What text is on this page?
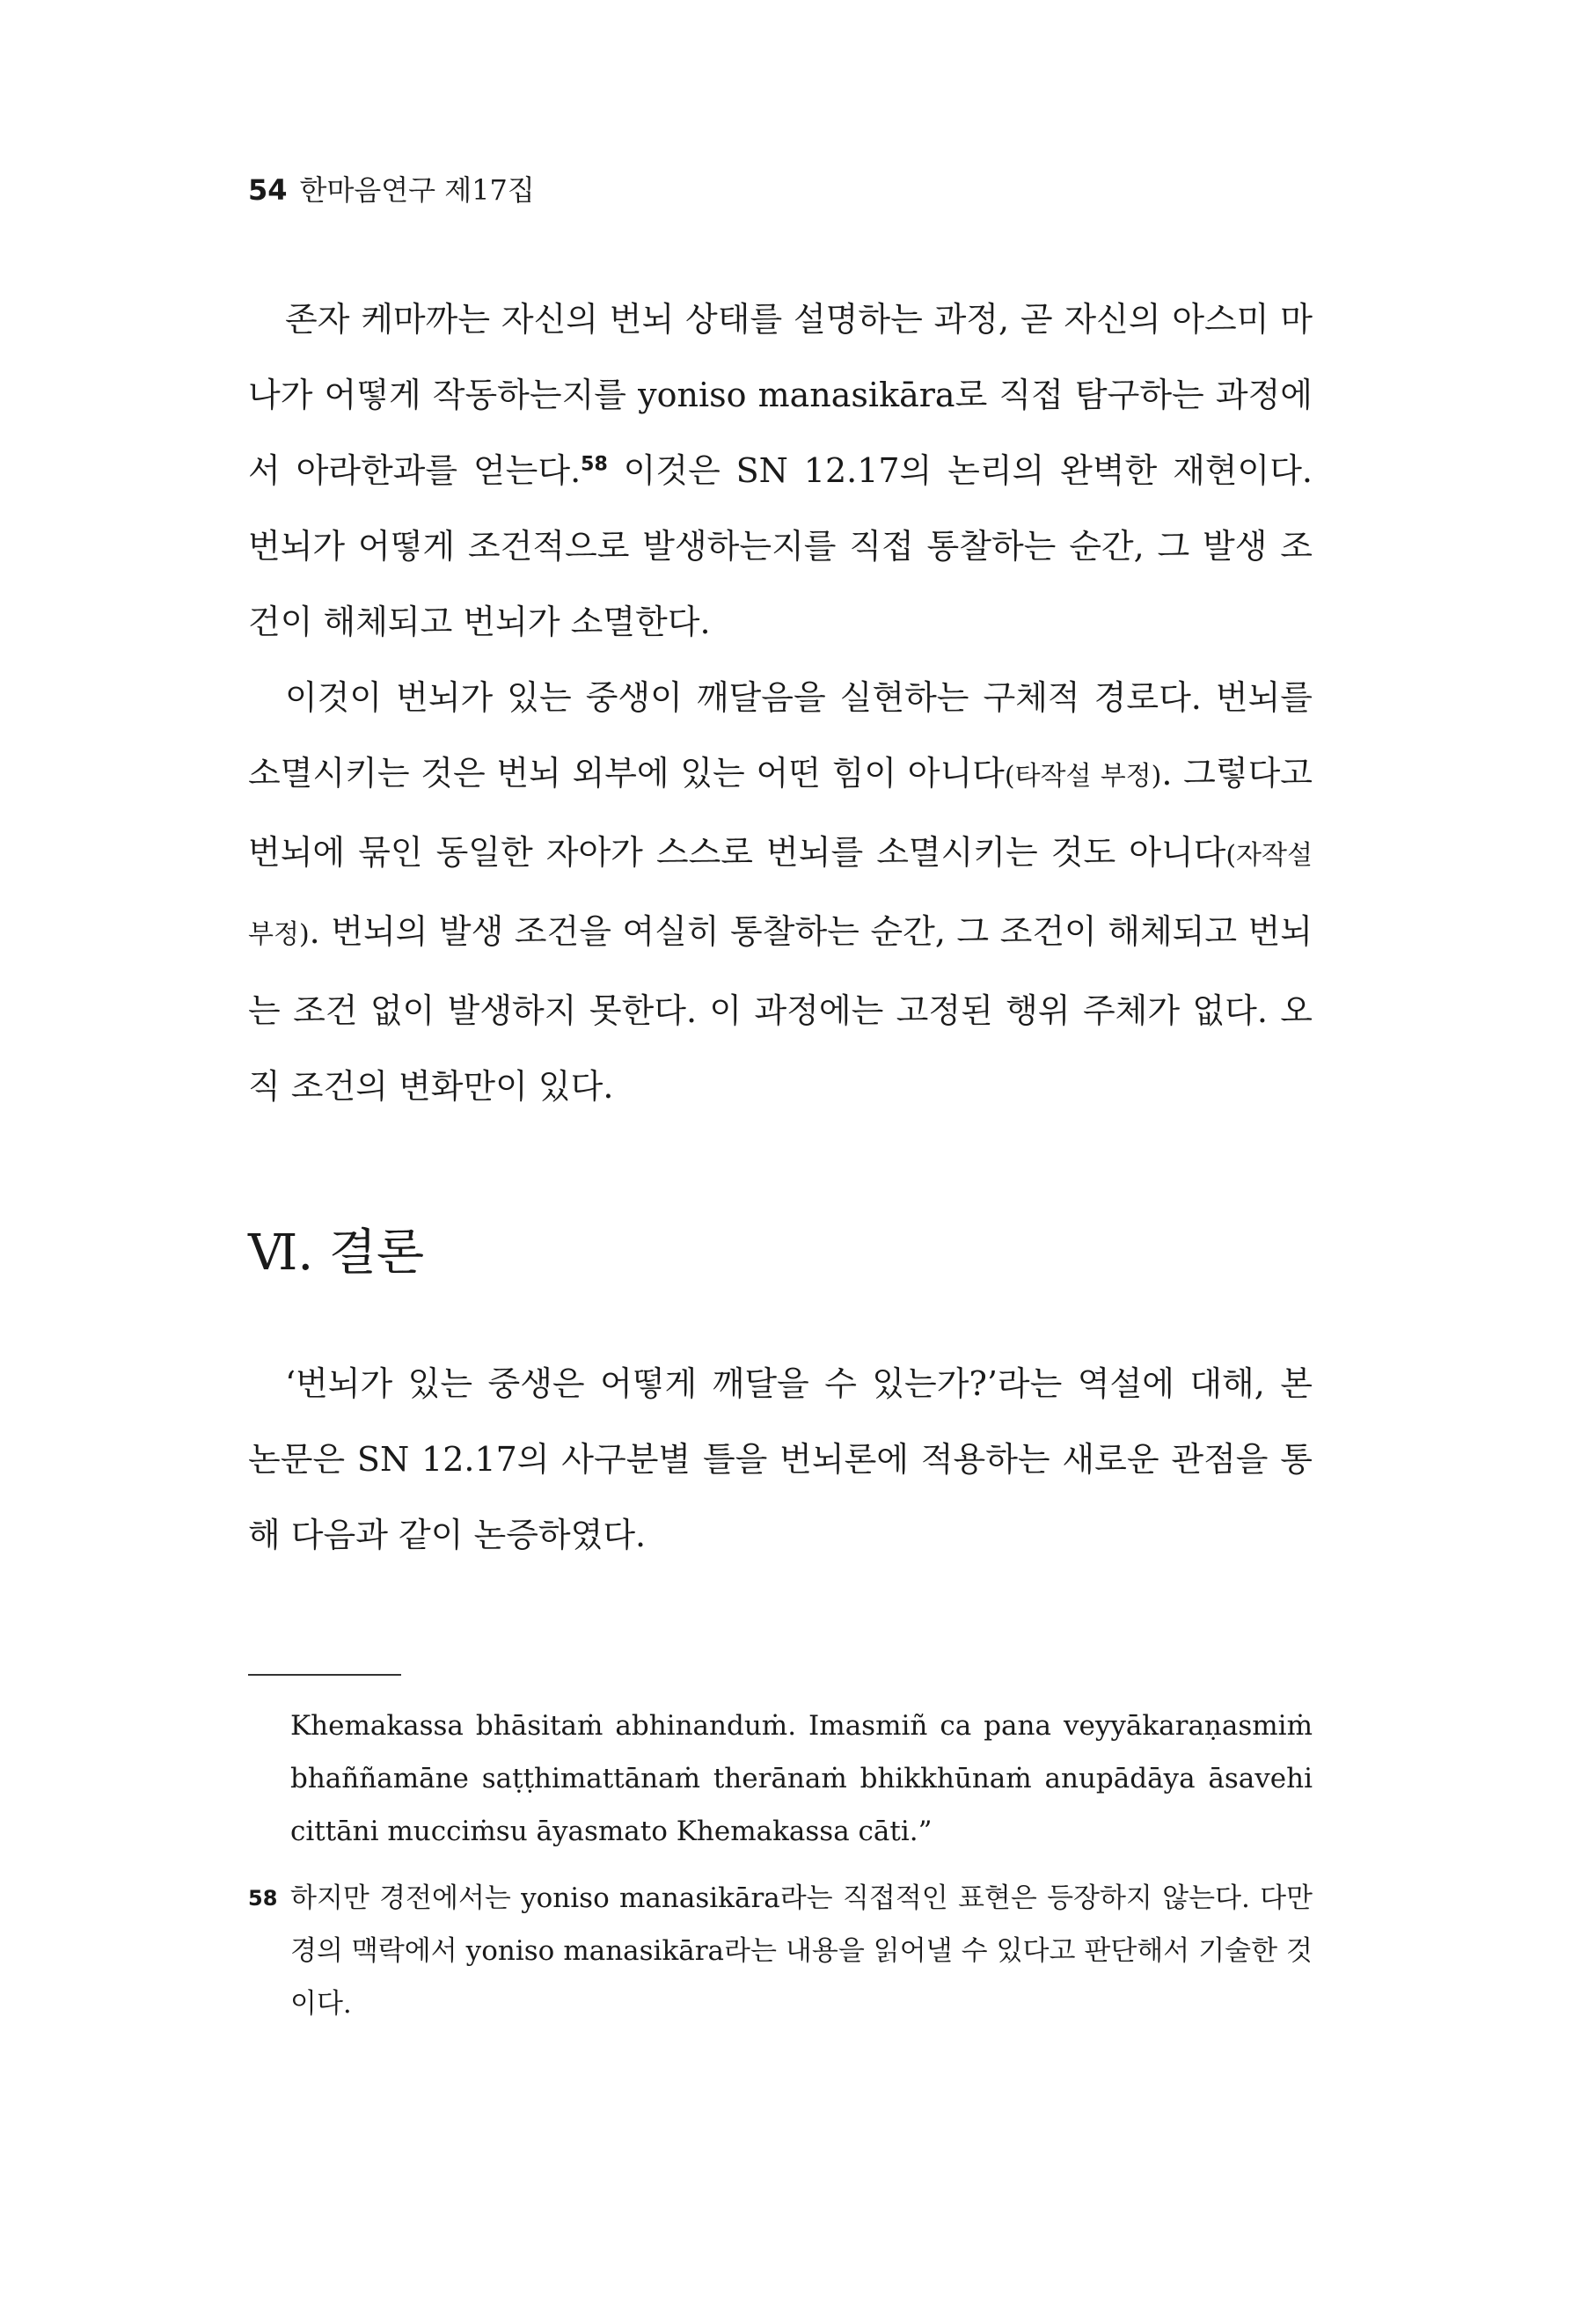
54 한마음연구 제17집

존자 케마까는 자신의 번뇌 상태를 설명하는 과정, 곧 자신의 아스미 마나가 어떻게 작동하는지를 yoniso manasikāra로 직접 탐구하는 과정에서 아라한과를 얻는다.$^{58}$ 이것은 SN 12.17의 논리의 완벽한 재현이다. 번뇌가 어떻게 조건적으로 발생하는지를 직접 통찰하는 순간, 그 발생 조건이 해체되고 번뇌가 소멸한다.

이것이 번뇌가 있는 중생이 깨달음을 실현하는 구체적 경로다. 번뇌를 소멸시키는 것은 번뇌 외부에 있는 어떤 힘이 아니다(타작설 부정). 그렇다고 번뇌에 묶인 동일한 자아가 스스로 번뇌를 소멸시키는 것도 아니다(자작설 부정). 번뇌의 발생 조건을 여실히 통찰하는 순간, 그 조건이 해체되고 번뇌는 조건 없이 발생하지 못한다. 이 과정에는 고정된 행위 주체가 없다. 오직 조건의 변화만이 있다.

Ⅵ. 결론

‘번뇌가 있는 중생은 어떻게 깨달을 수 있는가?’라는 역설에 대해, 본 논문은 SN 12.17의 사구분별 틀을 번뇌론에 적용하는 새로운 관점을 통해 다음과 같이 논증하였다.

Khemakassa bhāsitaṁ abhinanduṁ. Imasmiñ ca pana veyyākaraṇasmiṁ bhaññamāne saṭṭhimattānaṁ therānaṁ bhikkhūnaṁ anupādāya āsavehi cittāni mucciṁsu āyasmato Khemakassa cāti.”

58 하지만 경전에서는 yoniso manasikāra라는 직접적인 표현은 등장하지 않는다. 다만 경의 맥락에서 yoniso manasikāra라는 내용을 읽어낼 수 있다고 판단해서 기술한 것이다.
